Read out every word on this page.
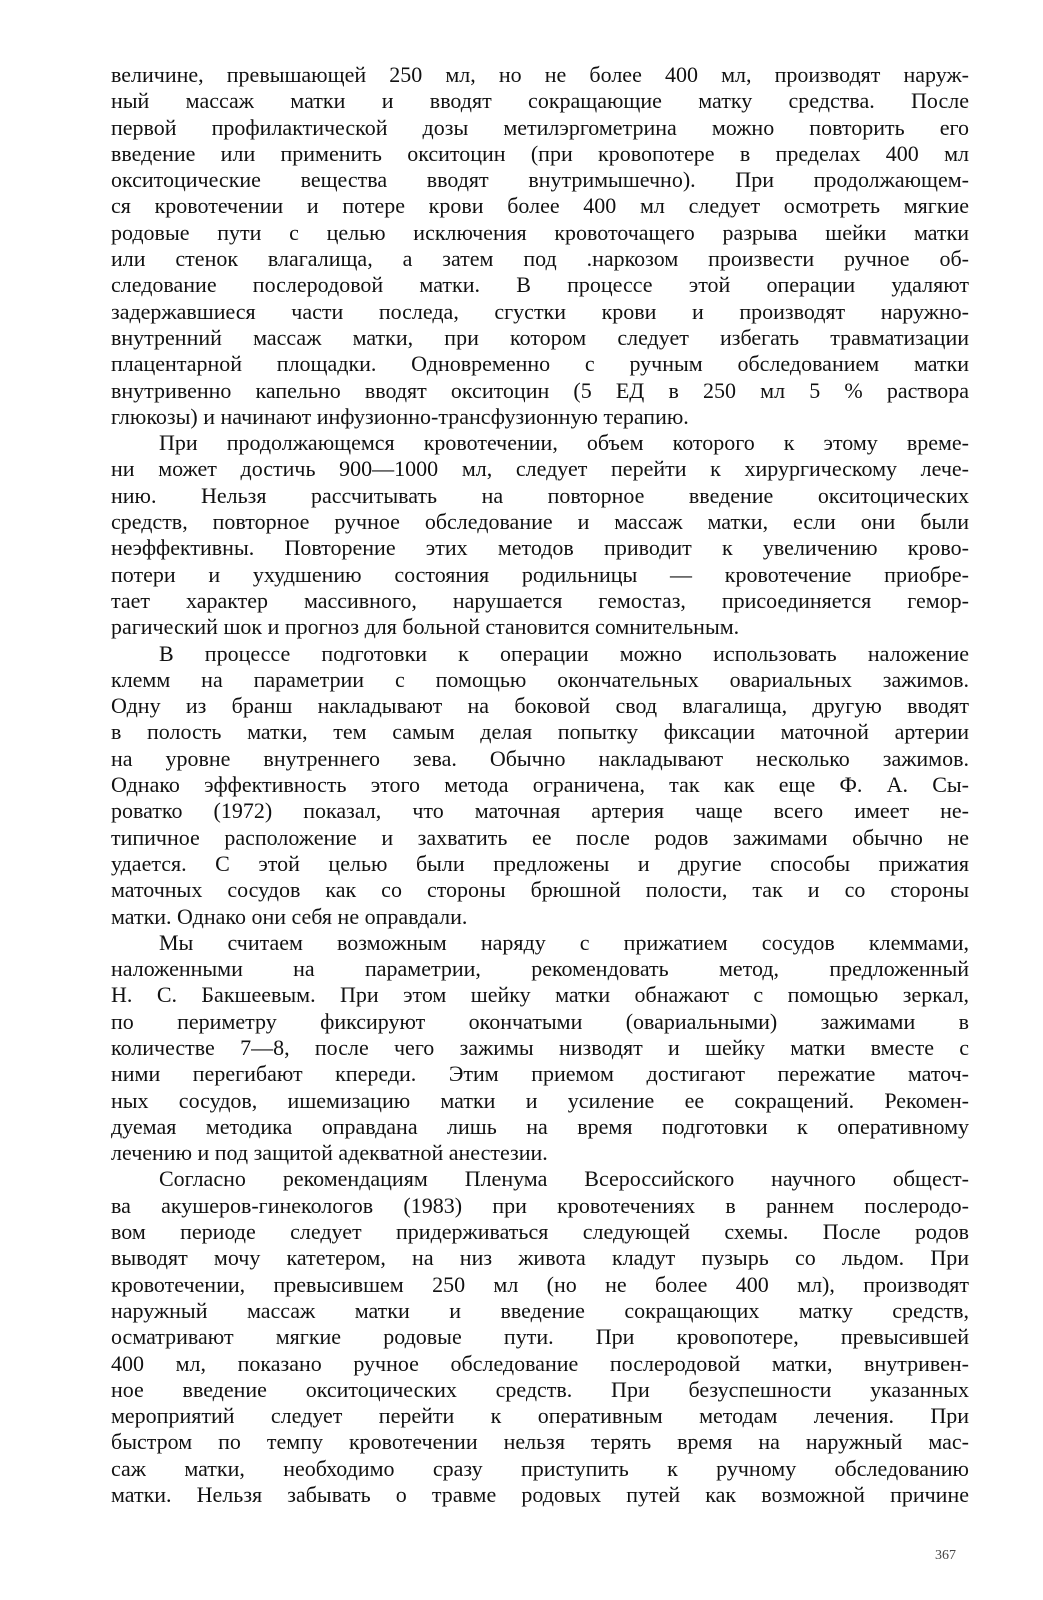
величине, превышающей 250 мл, но не более 400 мл, производят наруж-
ный массаж матки и вводят сокращающие матку средства. После
первой профилактической дозы метилэргометрина можно повторить его
введение или применить окситоцин (при кровопотере в пределах 400 мл
окситоцические вещества вводят внутримышечно). При продолжающем-
ся кровотечении и потере крови более 400 мл следует осмотреть мягкие
родовые пути с целью исключения кровоточащего разрыва шейки матки
или стенок влагалища, а затем под .наркозом произвести ручное об-
следование послеродовой матки. В процессе этой операции удаляют
задержавшиеся части последа, сгустки крови и производят наружно-
внутренний массаж матки, при котором следует избегать травматизации
плацентарной площадки. Одновременно с ручным обследованием матки
внутривенно капельно вводят окситоцин (5 ЕД в 250 мл 5 % раствора
глюкозы) и начинают инфузионно-трансфузионную терапию.
При продолжающемся кровотечении, объем которого к этому време-
ни может достичь 900—1000 мл, следует перейти к хирургическому лече-
нию. Нельзя рассчитывать на повторное введение окситоцических
средств, повторное ручное обследование и массаж матки, если они были
неэффективны. Повторение этих методов приводит к увеличению крово-
потери и ухудшению состояния родильницы — кровотечение приобре-
тает характер массивного, нарушается гемостаз, присоединяется гемор-
рагический шок и прогноз для больной становится сомнительным.
В процессе подготовки к операции можно использовать наложение
клемм на параметрии с помощью окончательных овариальных зажимов.
Одну из бранш накладывают на боковой свод влагалища, другую вводят
в полость матки, тем самым делая попытку фиксации маточной артерии
на уровне внутреннего зева. Обычно накладывают несколько зажимов.
Однако эффективность этого метода ограничена, так как еще Ф. А. Сы-
роватко (1972) показал, что маточная артерия чаще всего имеет не-
типичное расположение и захватить ее после родов зажимами обычно не
удается. С этой целью были предложены и другие способы прижатия
маточных сосудов как со стороны брюшной полости, так и со стороны
матки. Однако они себя не оправдали.
Мы считаем возможным наряду с прижатием сосудов клеммами,
наложенными на параметрии, рекомендовать метод, предложенный
Н. С. Бакшеевым. При этом шейку матки обнажают с помощью зеркал,
по периметру фиксируют окончатыми (овариальными) зажимами в
количестве 7—8, после чего зажимы низводят и шейку матки вместе с
ними перегибают кпереди. Этим приемом достигают пережатие маточ-
ных сосудов, ишемизацию матки и усиление ее сокращений. Рекомен-
дуемая методика оправдана лишь на время подготовки к оперативному
лечению и под защитой адекватной анестезии.
Согласно рекомендациям Пленума Всероссийского научного общест-
ва акушеров-гинекологов (1983) при кровотечениях в раннем послеродо-
вом периоде следует придерживаться следующей схемы. После родов
выводят мочу катетером, на низ живота кладут пузырь со льдом. При
кровотечении, превысившем 250 мл (но не более 400 мл), производят
наружный массаж матки и введение сокращающих матку средств,
осматривают мягкие родовые пути. При кровопотере, превысившей
400 мл, показано ручное обследование послеродовой матки, внутривен-
ное введение окситоцических средств. При безуспешности указанных
мероприятий следует перейти к оперативным методам лечения. При
быстром по темпу кровотечении нельзя терять время на наружный мас-
саж матки, необходимо сразу приступить к ручному обследованию
матки. Нельзя забывать о травме родовых путей как возможной причине
367
